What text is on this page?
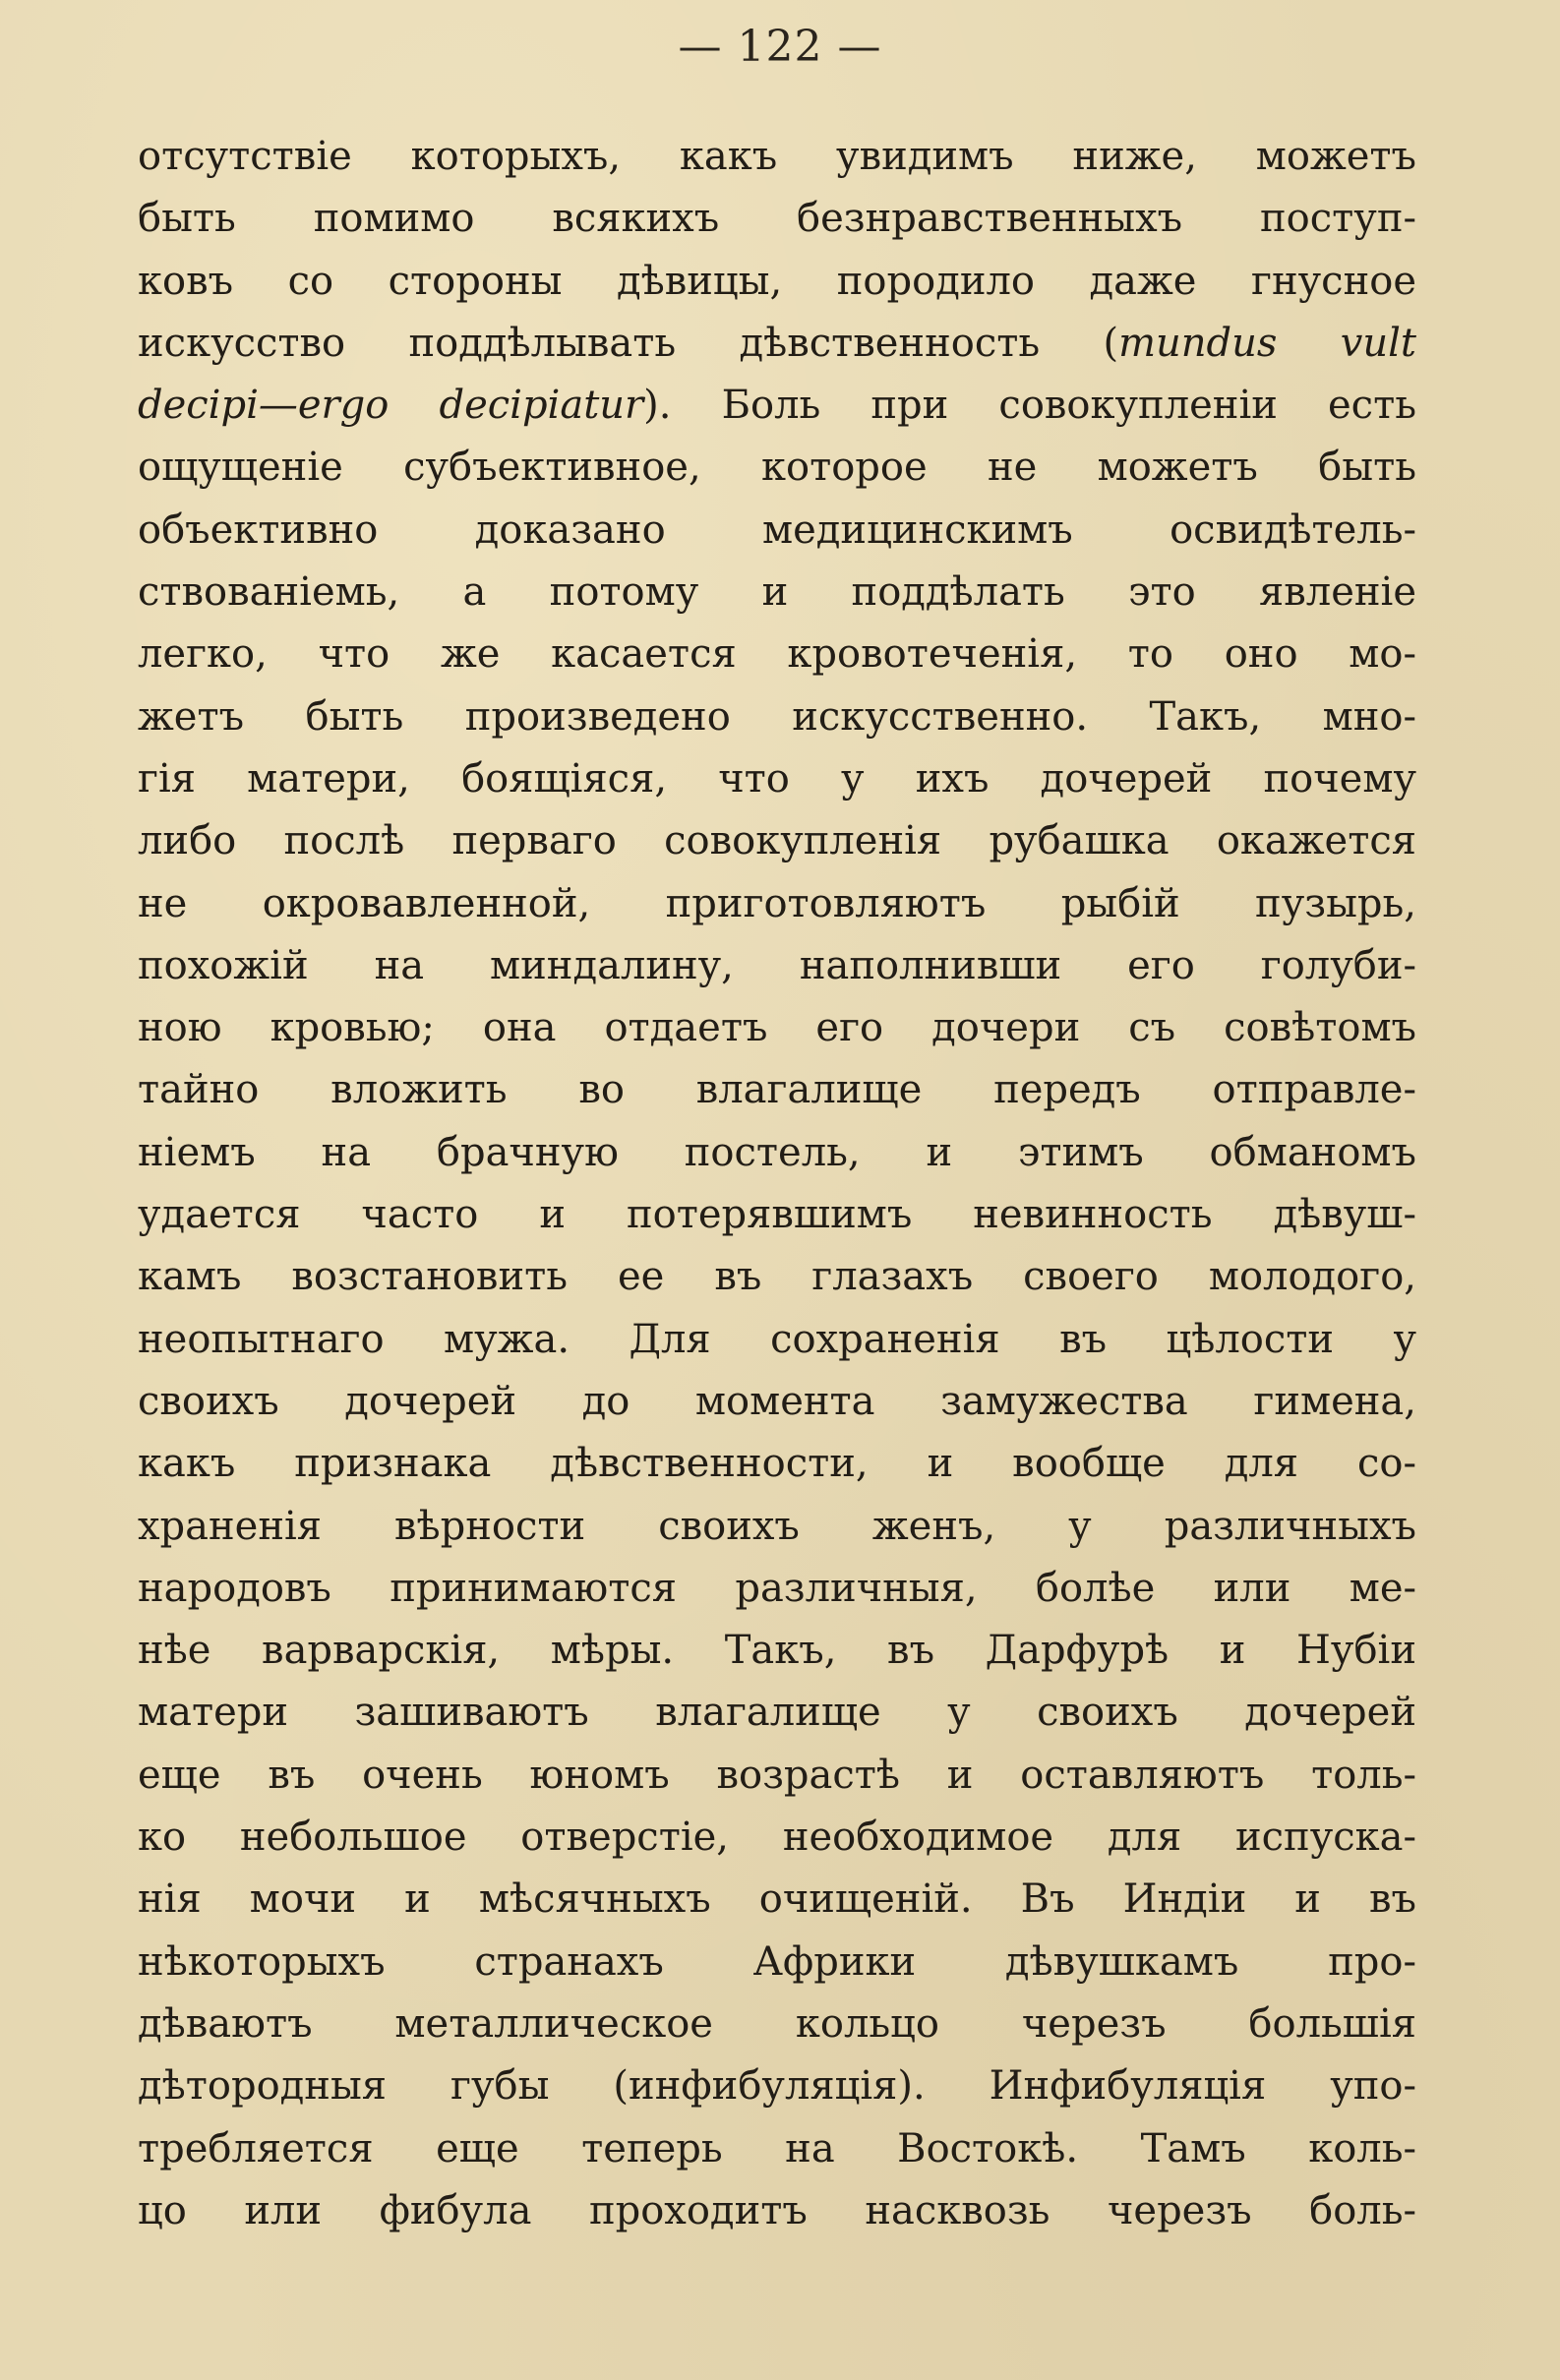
— 122 —
отсутствіе которыхъ, какъ увидимъ ниже, можетъ
быть помимо всякихъ безнравственныхъ поступ-
ковъ со стороны дѣвицы, породило даже гнусное
искусство поддѣлывать дѣвственность (mundus vult
decipi—ergo decipiatur). Боль при совокупленіи есть
ощущеніе субъективное, которое не можетъ быть
объективно доказано медицинскимъ освидѣтель-
ствованіемь, а потому и поддѣлать это явленіе
легко, что же касается кровотеченія, то оно мо-
жетъ быть произведено искусственно. Такъ, мно-
гія матери, боящіяся, что у ихъ дочерей почему
либо послѣ перваго совокупленія рубашка окажется
не окровавленной, приготовляютъ рыбій пузырь,
похожій на миндалину, наполнивши его голуби-
ною кровью; она отдаетъ его дочери съ совѣтомъ
тайно вложить во влагалище передъ отправле-
ніемъ на брачную постель, и этимъ обманомъ
удается часто и потерявшимъ невинность дѣвуш-
камъ возстановить ее въ глазахъ своего молодого,
неопытнаго мужа. Для сохраненія въ цѣлости у
своихъ дочерей до моментa замужества гимена,
какъ признака дѣвственности, и вообще для со-
храненія вѣрности своихъ женъ, у различныхъ
народовъ принимаются различныя, болѣе или ме-
нѣе варварскія, мѣры. Такъ, въ Дарфурѣ и Нубіи
матери зашиваютъ влагалище у своихъ дочерей
еще въ очень юномъ возрастѣ и оставляютъ толь-
ко небольшое отверстіе, необходимое для испуска-
нія мочи и мѣсячныхъ очищеній. Въ Индіи и въ
нѣкоторыхъ странахъ Африки дѣвушкамъ про-
дѣваютъ металлическое кольцо черезъ большія
дѣтородныя губы (инфибуляція). Инфибуляція упо-
требляется еще теперь на Востокѣ. Тамъ коль-
цо или фибула проходитъ насквозь черезъ боль-
